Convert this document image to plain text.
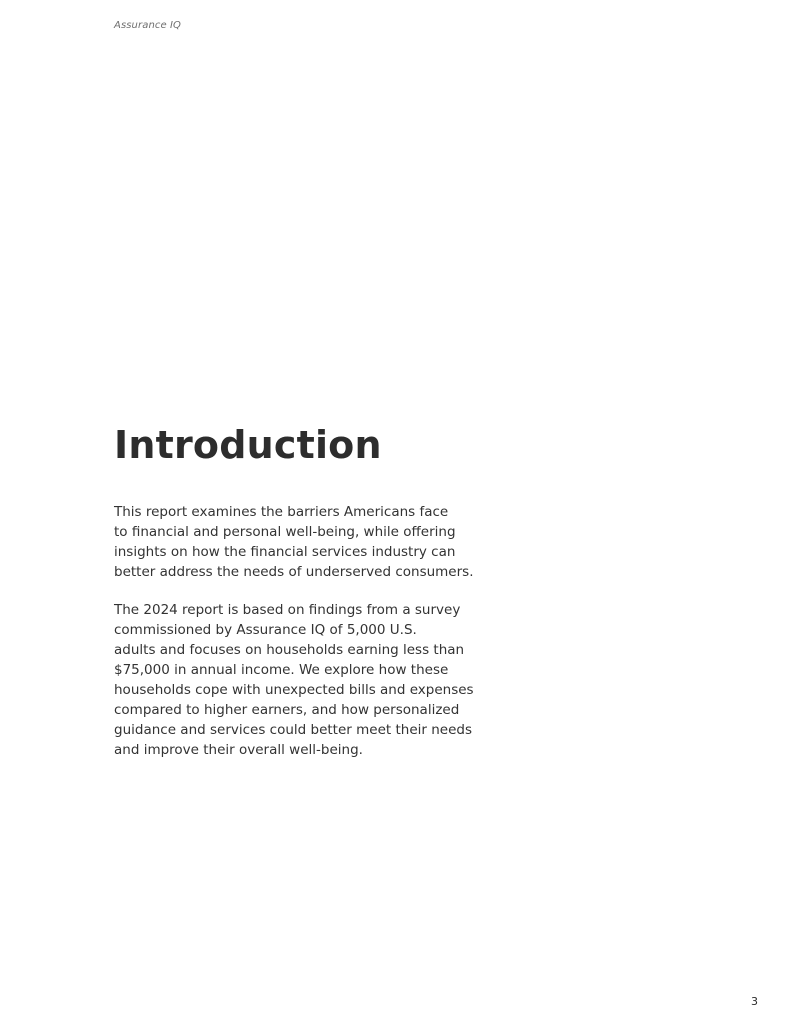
Assurance IQ
Introduction

This report examines the barriers Americans face
to financial and personal well-being, while offering
insights on how the financial services industry can
better address the needs of underserved consumers.

The 2024 report is based on findings from a survey
commissioned by Assurance IQ of 5,000 U.S.
adults and focuses on households earning less than
$75,000 in annual income. We explore how these
households cope with unexpected bills and expenses
compared to higher earners, and how personalized
guidance and services could better meet their needs
and improve their overall well-being.

3
